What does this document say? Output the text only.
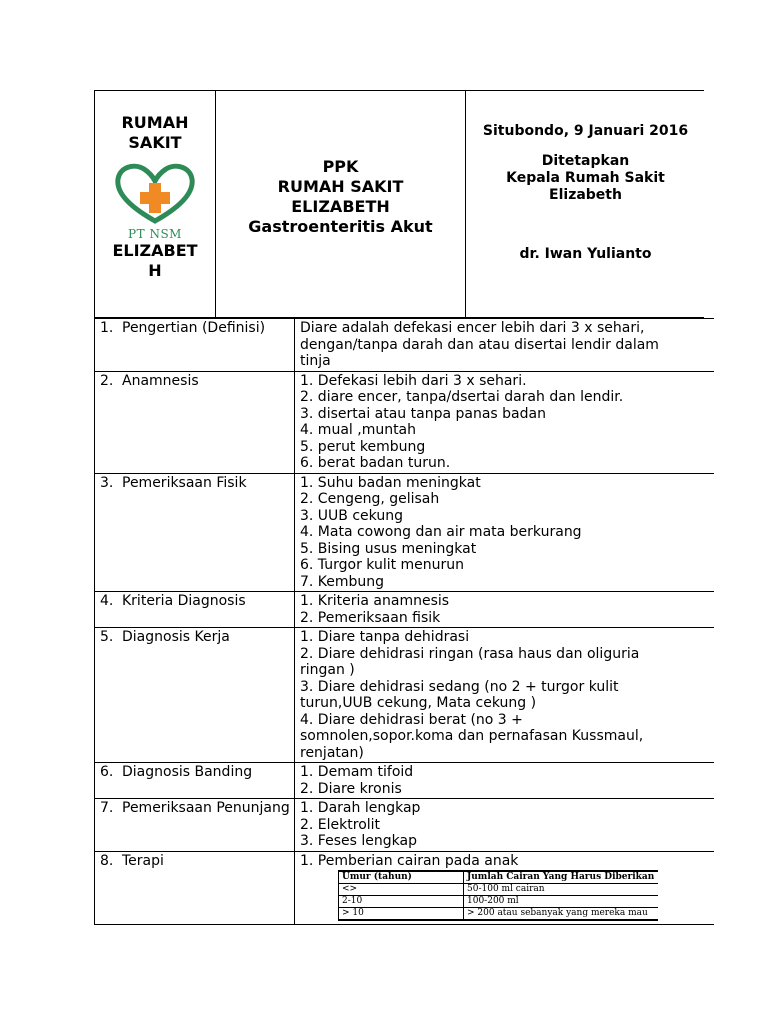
RUMAH
SAKIT
PT NSM
ELIZABETH
PPK
RUMAH SAKIT
ELIZABETH
Gastroenteritis Akut
Situbondo, 9 Januari 2016
Ditetapkan
Kepala Rumah Sakit
Elizabeth
dr. Iwan Yulianto
1. Pengertian (Definisi)	Diare adalah defekasi encer lebih dari 3 x sehari,
dengan/tanpa darah dan atau disertai lendir dalam
tinja

2. Anamnesis	1. Defekasi lebih dari 3 x sehari.
2. diare encer, tanpa/dsertai darah dan lendir.
3. disertai atau tanpa panas badan
4. mual ,muntah
5. perut kembung
6. berat badan turun.

3. Pemeriksaan Fisik	1. Suhu badan meningkat
2. Cengeng, gelisah
3. UUB cekung
4. Mata cowong dan air mata berkurang
5. Bising usus meningkat
6. Turgor kulit menurun
7. Kembung

4. Kriteria Diagnosis	1. Kriteria anamnesis
2. Pemeriksaan fisik

5. Diagnosis Kerja	1. Diare tanpa dehidrasi
2. Diare dehidrasi ringan (rasa haus dan oliguria
ringan )
3. Diare dehidrasi sedang (no 2 + turgor kulit
turun,UUB cekung, Mata cekung )
4. Diare dehidrasi berat (no 3 +
somnolen,sopor.koma dan pernafasan Kussmaul,
renjatan)

6. Diagnosis Banding	1. Demam tifoid
2. Diare kronis

7. Pemeriksaan Penunjang	1. Darah lengkap
2. Elektrolit
3. Feses lengkap

8. Terapi	1. Pemberian cairan pada anak
Umur (tahun)	Jumlah Cairan Yang Harus Diberikan
<>	50-100 ml cairan
2-10	100-200 ml
> 10	> 200 atau sebanyak yang mereka mau
